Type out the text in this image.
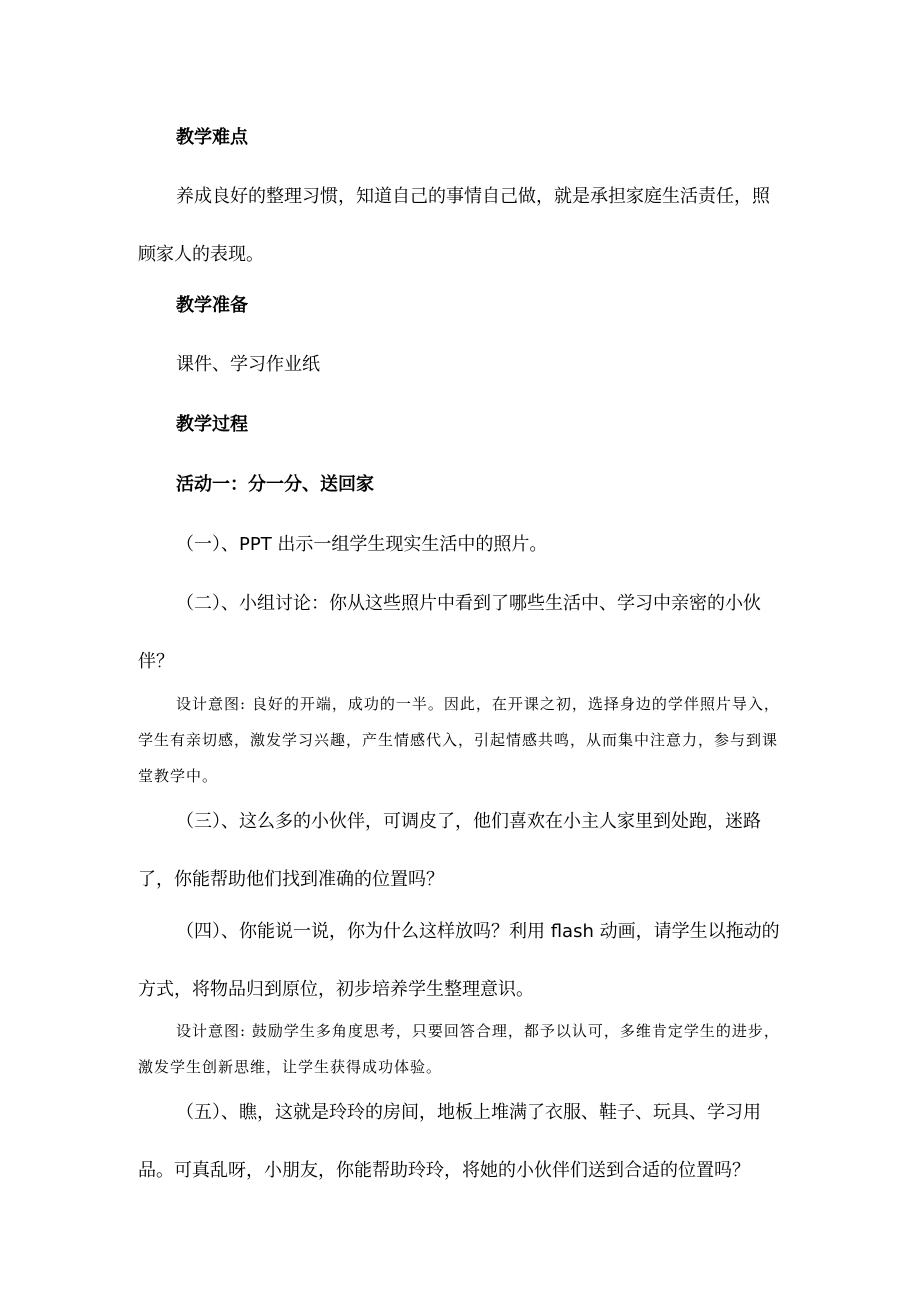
教学难点
养成良好的整理习惯，知道自己的事情自己做，就是承担家庭生活责任，照顾家人的表现。
教学准备
课件、学习作业纸
教学过程
活动一：分一分、送回家
（一）、PPT 出示一组学生现实生活中的照片。
（二）、小组讨论：你从这些照片中看到了哪些生活中、学习中亲密的小伙伴？
设计意图: 良好的开端，成功的一半。因此，在开课之初，选择身边的学伴照片导入，学生有亲切感，激发学习兴趣，产生情感代入，引起情感共鸣，从而集中注意力，参与到课堂教学中。
（三）、这么多的小伙伴，可调皮了，他们喜欢在小主人家里到处跑，迷路了，你能帮助他们找到准确的位置吗？
（四）、你能说一说，你为什么这样放吗？利用 flash 动画，请学生以拖动的方式，将物品归到原位，初步培养学生整理意识。
设计意图: 鼓励学生多角度思考，只要回答合理，都予以认可，多维肯定学生的进步，激发学生创新思维，让学生获得成功体验。
（五）、瞧，这就是玲玲的房间，地板上堆满了衣服、鞋子、玩具、学习用品。可真乱呀，小朋友，你能帮助玲玲，将她的小伙伴们送到合适的位置吗？
